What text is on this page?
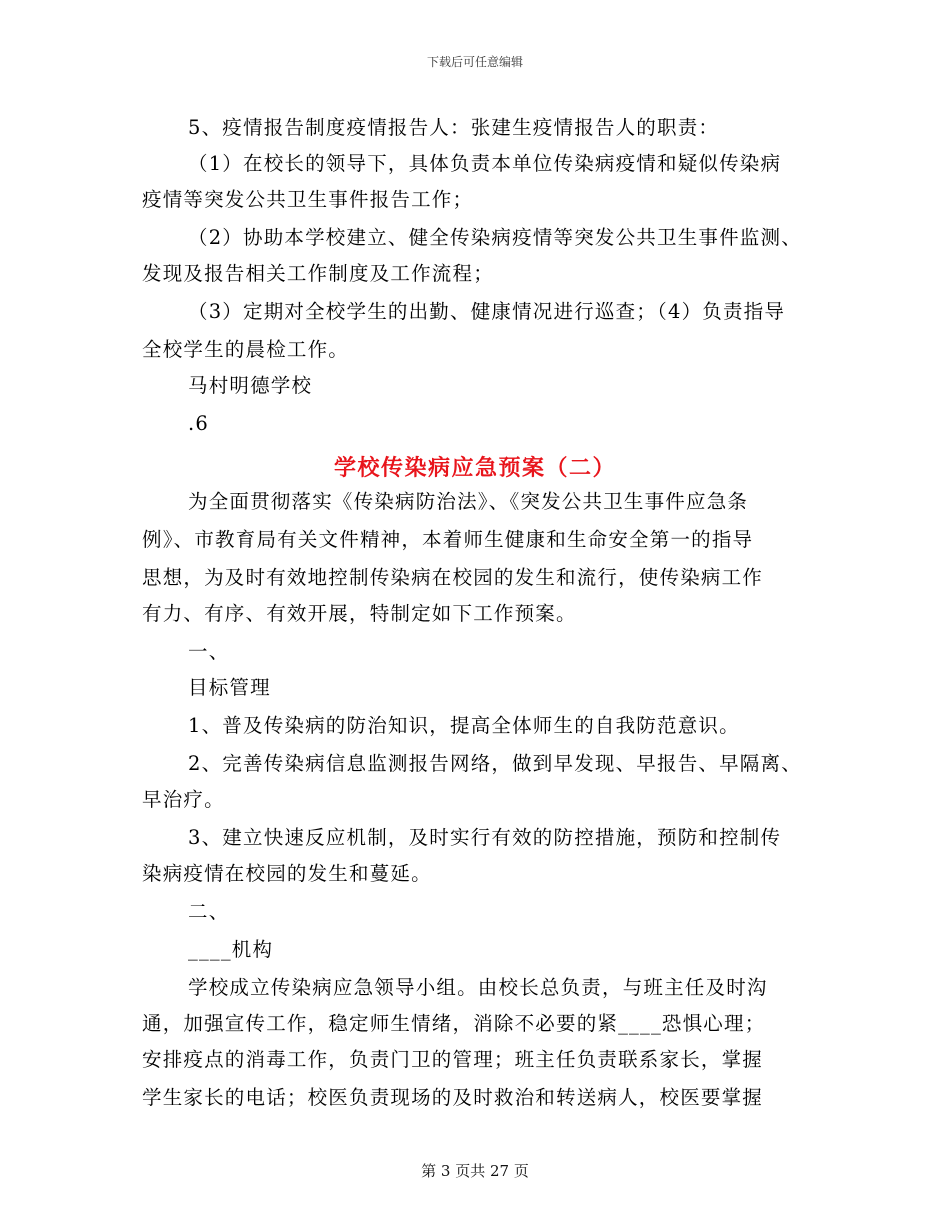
下载后可任意编辑
5、疫情报告制度疫情报告人：张建生疫情报告人的职责：
（1）在校长的领导下，具体负责本单位传染病疫情和疑似传染病
疫情等突发公共卫生事件报告工作；
（2）协助本学校建立、健全传染病疫情等突发公共卫生事件监测、
发现及报告相关工作制度及工作流程；
（3）定期对全校学生的出勤、健康情况进行巡查；（4）负责指导
全校学生的晨检工作。
马村明德学校
.6
学校传染病应急预案（二）
为全面贯彻落实《传染病防治法》、《突发公共卫生事件应急条
例》、市教育局有关文件精神，本着师生健康和生命安全第一的指导
思想，为及时有效地控制传染病在校园的发生和流行，使传染病工作
有力、有序、有效开展，特制定如下工作预案。
一、
目标管理
1、普及传染病的防治知识，提高全体师生的自我防范意识。
2、完善传染病信息监测报告网络，做到早发现、早报告、早隔离、
早治疗。
3、建立快速反应机制，及时实行有效的防控措施，预防和控制传
染病疫情在校园的发生和蔓延。
二、
____机构
学校成立传染病应急领导小组。由校长总负责，与班主任及时沟
通，加强宣传工作，稳定师生情绪，消除不必要的紧____恐惧心理；
安排疫点的消毒工作，负责门卫的管理；班主任负责联系家长，掌握
学生家长的电话；校医负责现场的及时救治和转送病人，校医要掌握
第 3 页共 27 页
